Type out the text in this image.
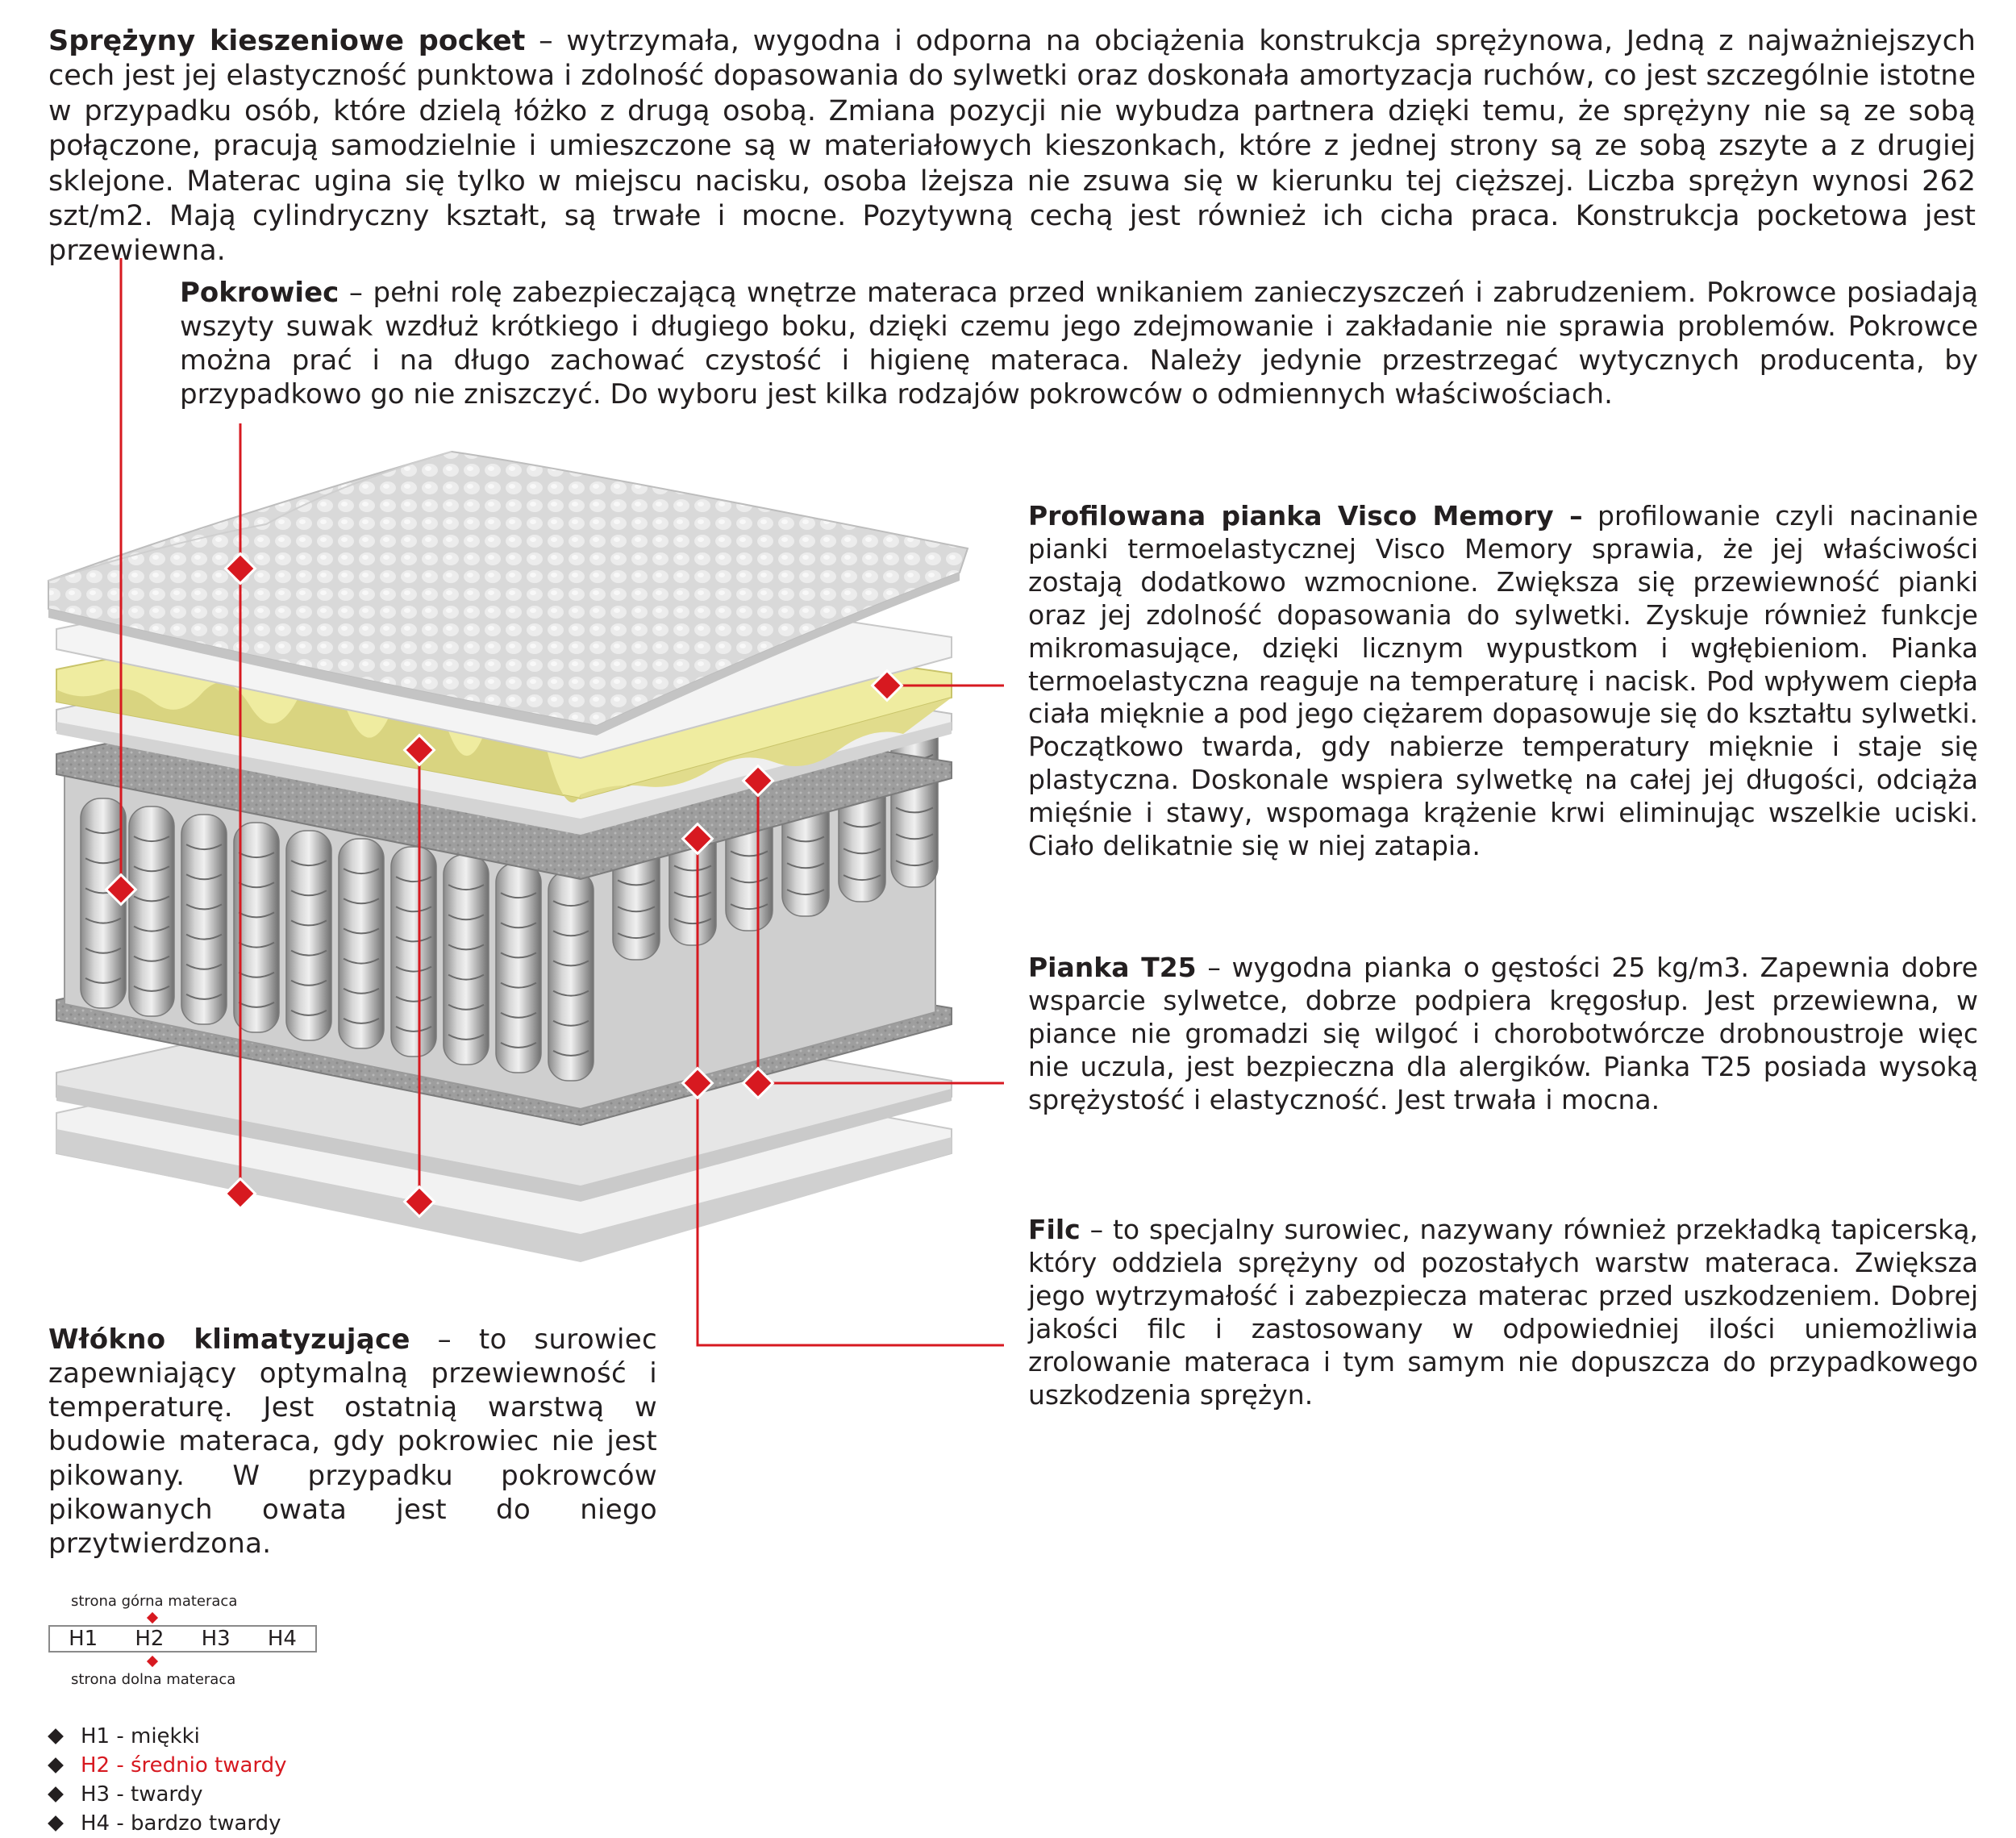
Sprężyny kieszeniowe pocket – wytrzymała, wygodna i odporna na obciążenia konstrukcja sprężynowa, Jedną z najważniejszych cech jest jej elastyczność punktowa i zdolność dopasowania do sylwetki oraz doskonała amortyzacja ruchów, co jest szczególnie istotne w przypadku osób, które dzielą łóżko z drugą osobą. Zmiana pozycji nie wybudza partnera dzięki temu, że sprężyny nie są ze sobą połączone, pracują samodzielnie i umieszczone są w materiałowych kieszonkach, które z jednej strony są ze sobą zszyte a z drugiej sklejone. Materac ugina się tylko w miejscu nacisku, osoba lżejsza nie zsuwa się w kierunku tej cięższej. Liczba sprężyn wynosi 262 szt/m2. Mają cylindryczny kształt, są trwałe i mocne. Pozytywną cechą jest również ich cicha praca. Konstrukcja pocketowa jest przewiewna.

Pokrowiec – pełni rolę zabezpieczającą wnętrze materaca przed wnikaniem zanieczyszczeń i zabrudzeniem. Pokrowce posiadają wszyty suwak wzdłuż krótkiego i długiego boku, dzięki czemu jego zdejmowanie i zakładanie nie sprawia problemów. Pokrowce można prać i na długo zachować czystość i higienę materaca. Należy jedynie przestrzegać wytycznych producenta, by przypadkowo go nie zniszczyć. Do wyboru jest kilka rodzajów pokrowców o odmiennych właściwościach.

Profilowana pianka Visco Memory – profilowanie czyli nacinanie pianki termoelastycznej Visco Memory sprawia, że jej właściwości zostają dodatkowo wzmocnione. Zwiększa się przewiewność pianki oraz jej zdolność dopasowania do sylwetki. Zyskuje również funkcje mikromasujące, dzięki licznym wypustkom i wgłębieniom. Pianka termoelastyczna reaguje na temperaturę i nacisk. Pod wpływem ciepła ciała mięknie a pod jego ciężarem dopasowuje się do kształtu sylwetki. Początkowo twarda, gdy nabierze temperatury mięknie i staje się plastyczna. Doskonale wspiera sylwetkę na całej jej długości, odciąża mięśnie i stawy, wspomaga krążenie krwi eliminując wszelkie uciski. Ciało delikatnie się w niej zatapia.

Pianka T25 – wygodna pianka o gęstości 25 kg/m3. Zapewnia dobre wsparcie sylwetce, dobrze podpiera kręgosłup. Jest przewiewna, w piance nie gromadzi się wilgoć i chorobotwórcze drobnoustroje więc nie uczula, jest bezpieczna dla alergików. Pianka T25 posiada wysoką sprężystość i elastyczność. Jest trwała i mocna.

Filc – to specjalny surowiec, nazywany również przekładką tapicerską, który oddziela sprężyny od pozostałych warstw materaca. Zwiększa jego wytrzymałość i zabezpiecza materac przed uszkodzeniem. Dobrej jakości filc i zastosowany w odpowiedniej ilości uniemożliwia zrolowanie materaca i tym samym nie dopuszcza do przypadkowego uszkodzenia sprężyn.

Włókno klimatyzujące – to surowiec zapewniający optymalną przewiewność i temperaturę. Jest ostatnią warstwą w budowie materaca, gdy pokrowiec nie jest pikowany. W przypadku pokrowców pikowanych owata jest do niego przytwierdzona.

strona górna materaca
H1 H2 H3 H4
strona dolna materaca
H1 - miękki
H2 - średnio twardy
H3 - twardy
H4 - bardzo twardy
